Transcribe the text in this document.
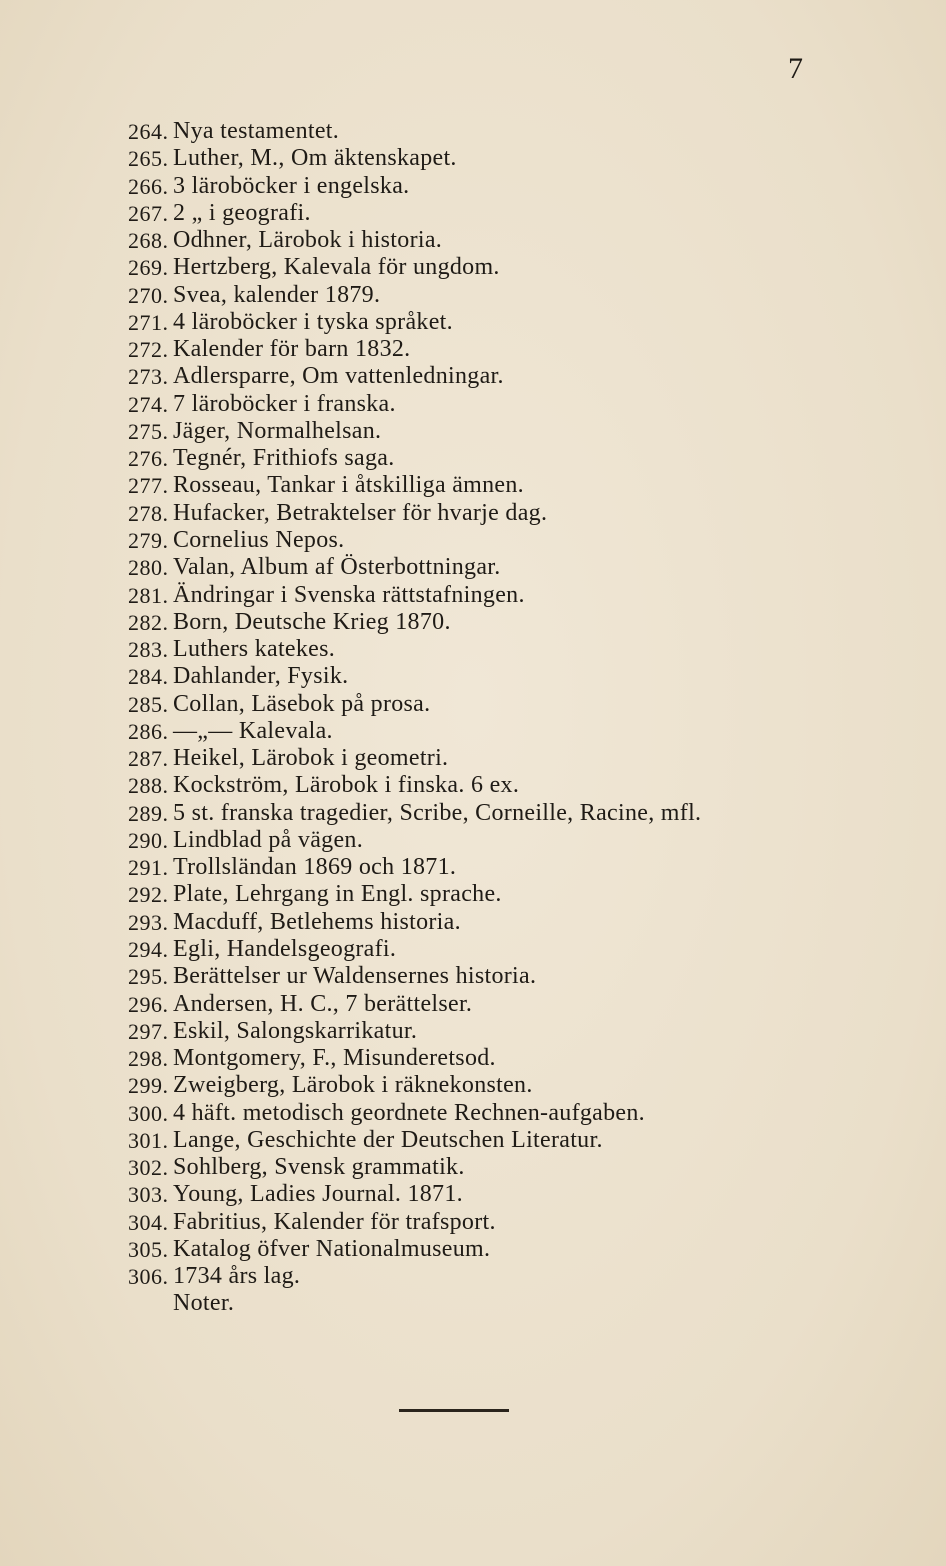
7
264. Nya testamentet.
265. Luther, M., Om äktenskapet.
266. 3 läroböcker i engelska.
267. 2 „ i geografi.
268. Odhner, Lärobok i historia.
269. Hertzberg, Kalevala för ungdom.
270. Svea, kalender 1879.
271. 4 läroböcker i tyska språket.
272. Kalender för barn 1832.
273. Adlersparre, Om vattenledningar.
274. 7 läroböcker i franska.
275. Jäger, Normalhelsan.
276. Tegnér, Frithiofs saga.
277. Rosseau, Tankar i åtskilliga ämnen.
278. Hufacker, Betraktelser för hvarje dag.
279. Cornelius Nepos.
280. Valan, Album af Österbottningar.
281. Ändringar i Svenska rättstafningen.
282. Born, Deutsche Krieg 1870.
283. Luthers katekes.
284. Dahlander, Fysik.
285. Collan, Läsebok på prosa.
286. —„— Kalevala.
287. Heikel, Lärobok i geometri.
288. Kockström, Lärobok i finska. 6 ex.
289. 5 st. franska tragedier, Scribe, Corneille, Racine, mfl.
290. Lindblad på vägen.
291. Trollsländan 1869 och 1871.
292. Plate, Lehrgang in Engl. sprache.
293. Macduff, Betlehems historia.
294. Egli, Handelsgeografi.
295. Berättelser ur Waldensernes historia.
296. Andersen, H. C., 7 berättelser.
297. Eskil, Salongskarrikatur.
298. Montgomery, F., Misunderetsod.
299. Zweigberg, Lärobok i räknekonsten.
300. 4 häft. metodisch geordnete Rechnen-aufgaben.
301. Lange, Geschichte der Deutschen Literatur.
302. Sohlberg, Svensk grammatik.
303. Young, Ladies Journal. 1871.
304. Fabritius, Kalender för trafsport.
305. Katalog öfver Nationalmuseum.
306. 1734 års lag.
Noter.
